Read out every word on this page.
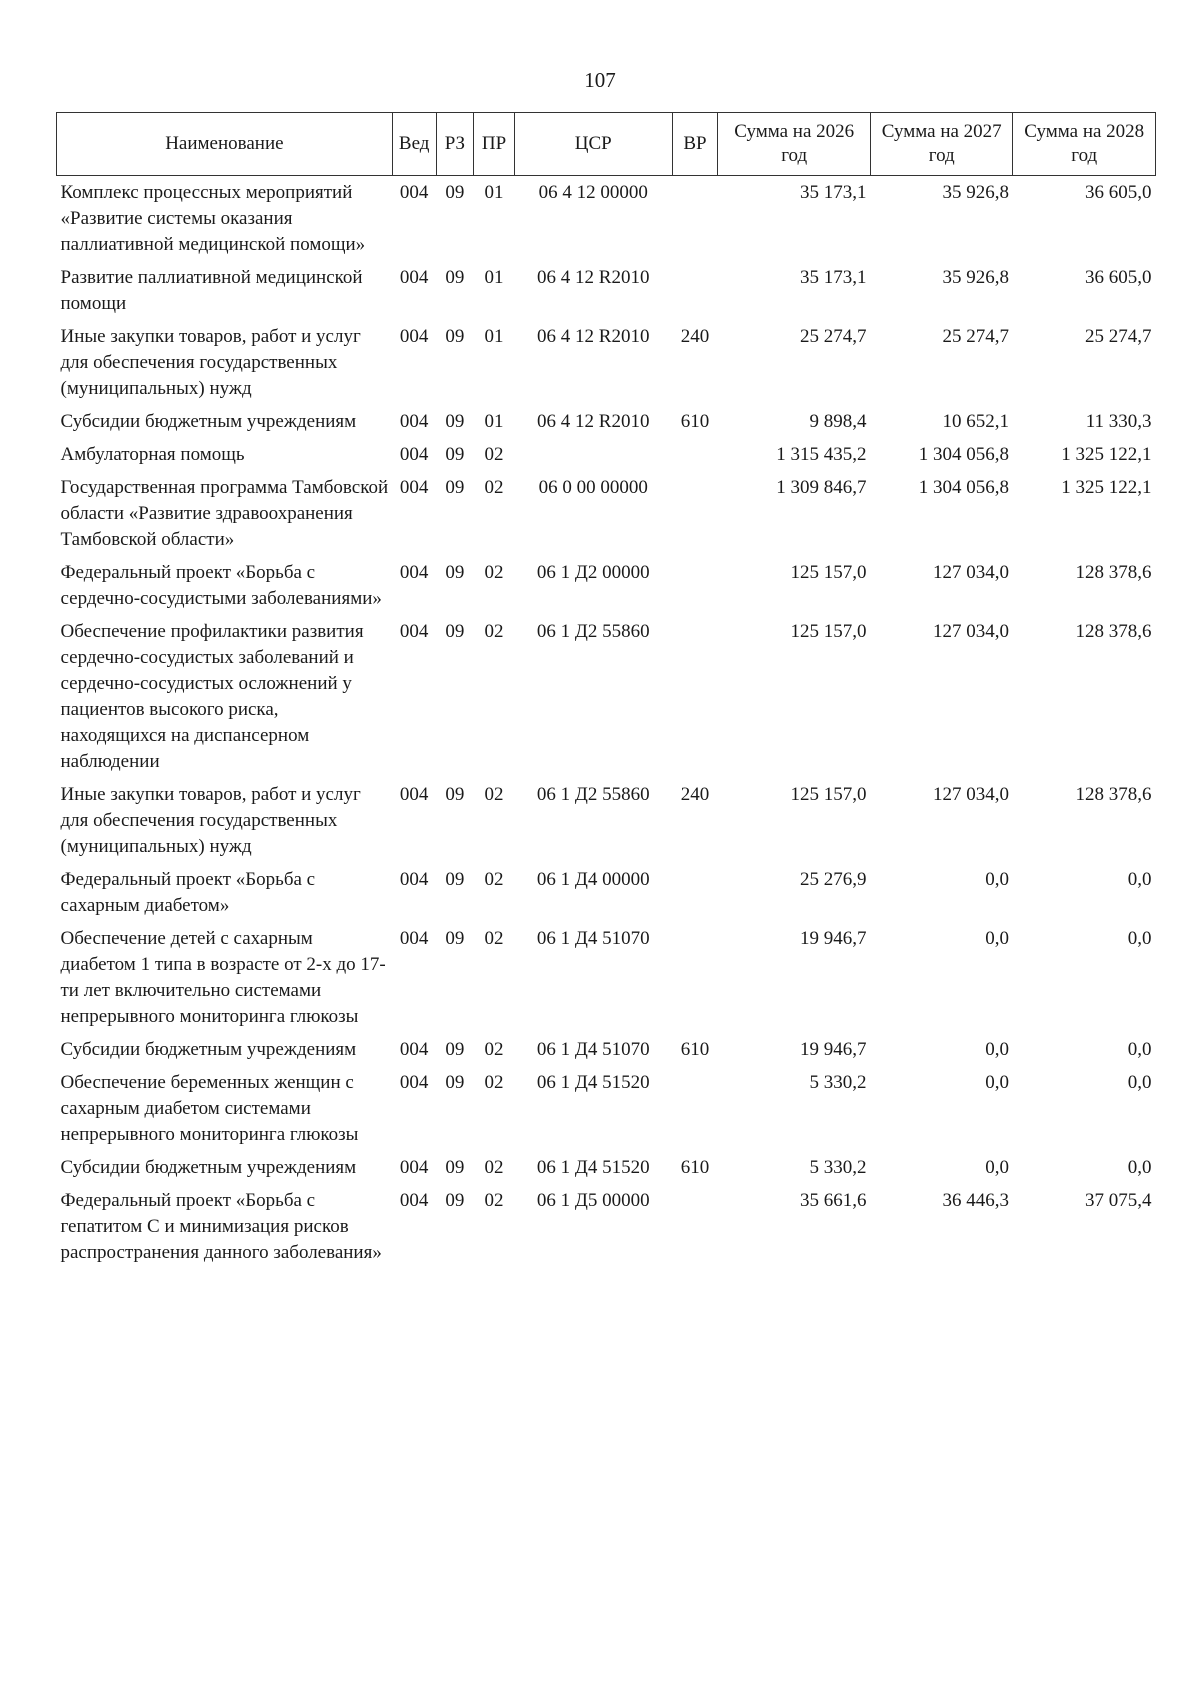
107
Наименование	Вед	РЗ	ПР	ЦСР	ВР	Сумма на 2026 год	Сумма на 2027 год	Сумма на 2028 год
Комплекс процессных мероприятий «Развитие системы оказания паллиативной медицинской помощи»	004	09	01	06 4 12 00000		35 173,1	35 926,8	36 605,0
Развитие паллиативной медицинской помощи	004	09	01	06 4 12 R2010		35 173,1	35 926,8	36 605,0
Иные закупки товаров, работ и услуг для обеспечения государственных (муниципальных) нужд	004	09	01	06 4 12 R2010	240	25 274,7	25 274,7	25 274,7
Субсидии бюджетным учреждениям	004	09	01	06 4 12 R2010	610	9 898,4	10 652,1	11 330,3
Амбулаторная помощь	004	09	02			1 315 435,2	1 304 056,8	1 325 122,1
Государственная программа Тамбовской области «Развитие здравоохранения Тамбовской области»	004	09	02	06 0 00 00000		1 309 846,7	1 304 056,8	1 325 122,1
Федеральный проект «Борьба с сердечно-сосудистыми заболеваниями»	004	09	02	06 1 Д2 00000		125 157,0	127 034,0	128 378,6
Обеспечение профилактики развития сердечно-сосудистых заболеваний и сердечно-сосудистых осложнений у пациентов высокого риска, находящихся на диспансерном наблюдении	004	09	02	06 1 Д2 55860		125 157,0	127 034,0	128 378,6
Иные закупки товаров, работ и услуг для обеспечения государственных (муниципальных) нужд	004	09	02	06 1 Д2 55860	240	125 157,0	127 034,0	128 378,6
Федеральный проект «Борьба с сахарным диабетом»	004	09	02	06 1 Д4 00000		25 276,9	0,0	0,0
Обеспечение детей с сахарным диабетом 1 типа в возрасте от 2-х до 17-ти лет включительно системами непрерывного мониторинга глюкозы	004	09	02	06 1 Д4 51070		19 946,7	0,0	0,0
Субсидии бюджетным учреждениям	004	09	02	06 1 Д4 51070	610	19 946,7	0,0	0,0
Обеспечение беременных женщин с сахарным диабетом системами непрерывного мониторинга глюкозы	004	09	02	06 1 Д4 51520		5 330,2	0,0	0,0
Субсидии бюджетным учреждениям	004	09	02	06 1 Д4 51520	610	5 330,2	0,0	0,0
Федеральный проект «Борьба с гепатитом С и минимизация рисков распространения данного заболевания»	004	09	02	06 1 Д5 00000		35 661,6	36 446,3	37 075,4
